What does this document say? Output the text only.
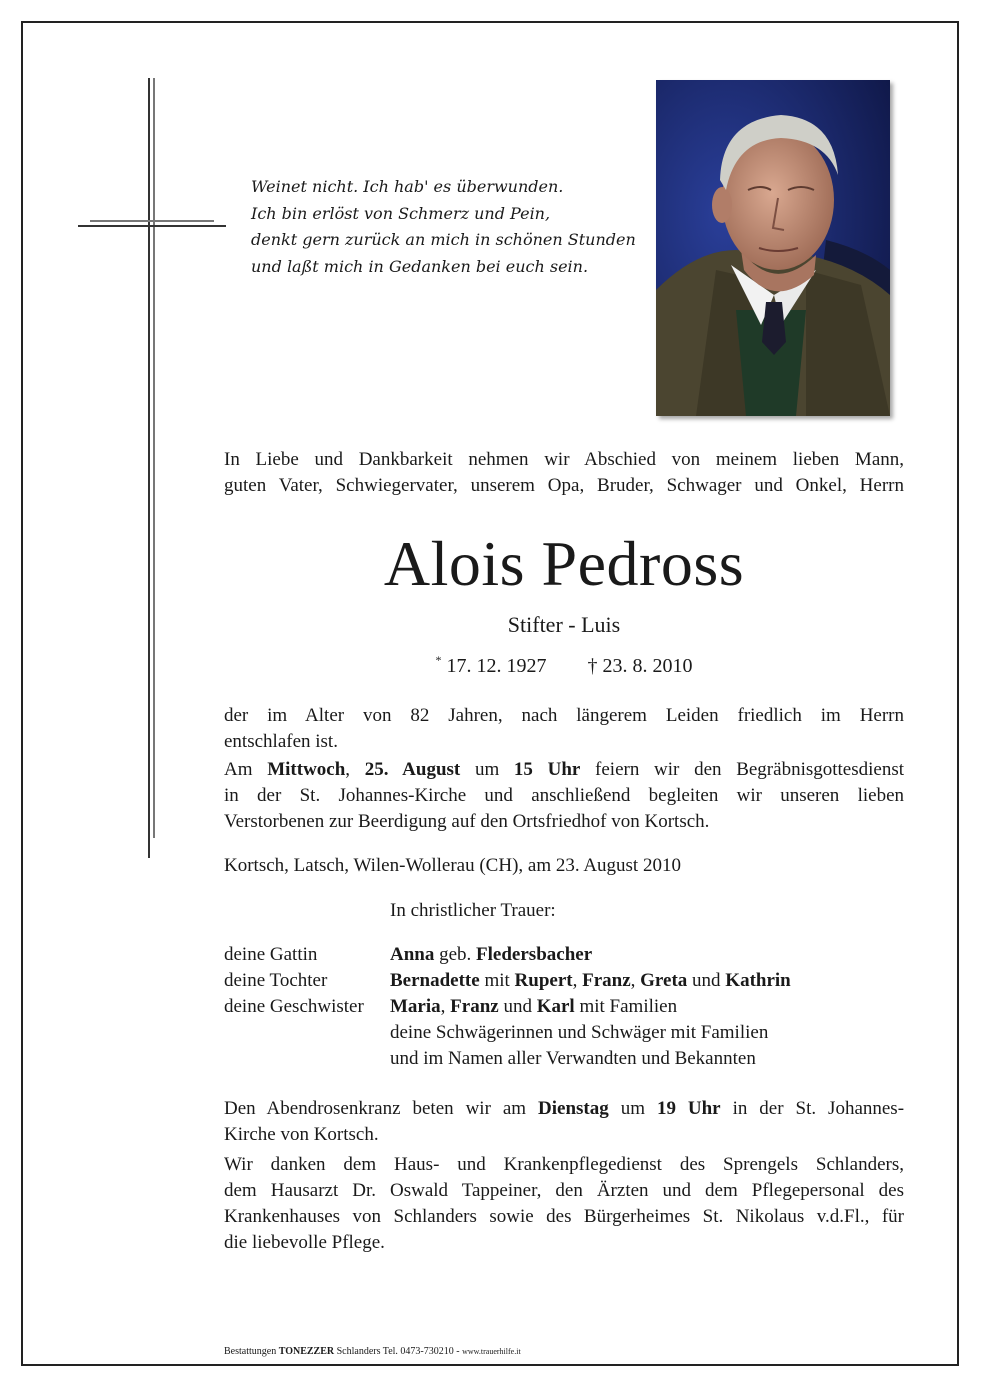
Weinet nicht. Ich hab' es überwunden.
Ich bin erlöst von Schmerz und Pein,
denkt gern zurück an mich in schönen Stunden
und laßt mich in Gedanken bei euch sein.
In Liebe und Dankbarkeit nehmen wir Abschied von meinem lieben Mann,
guten Vater, Schwiegervater, unserem Opa, Bruder, Schwager und Onkel, Herrn
Alois Pedross
Stifter - Luis
* 17. 12. 1927 † 23. 8. 2010
der im Alter von 82 Jahren, nach längerem Leiden friedlich im Herrn
entschlafen ist.
Am Mittwoch, 25. August um 15 Uhr feiern wir den Begräbnisgottesdienst
in der St. Johannes-Kirche und anschließend begleiten wir unseren lieben
Verstorbenen zur Beerdigung auf den Ortsfriedhof von Kortsch.
Kortsch, Latsch, Wilen-Wollerau (CH), am 23. August 2010
In christlicher Trauer:
deine Gattin	Anna geb. Fledersbacher
deine Tochter	Bernadette mit Rupert, Franz, Greta und Kathrin
deine Geschwister	Maria, Franz und Karl mit Familien
deine Schwägerinnen und Schwäger mit Familien
und im Namen aller Verwandten und Bekannten
Den Abendrosenkranz beten wir am Dienstag um 19 Uhr in der St. Johannes-
Kirche von Kortsch.
Wir danken dem Haus- und Krankenpflegedienst des Sprengels Schlanders,
dem Hausarzt Dr. Oswald Tappeiner, den Ärzten und dem Pflegepersonal des
Krankenhauses von Schlanders sowie des Bürgerheimes St. Nikolaus v.d.Fl., für
die liebevolle Pflege.
Bestattungen TONEZZER Schlanders Tel. 0473-730210 - www.trauerhilfe.it
